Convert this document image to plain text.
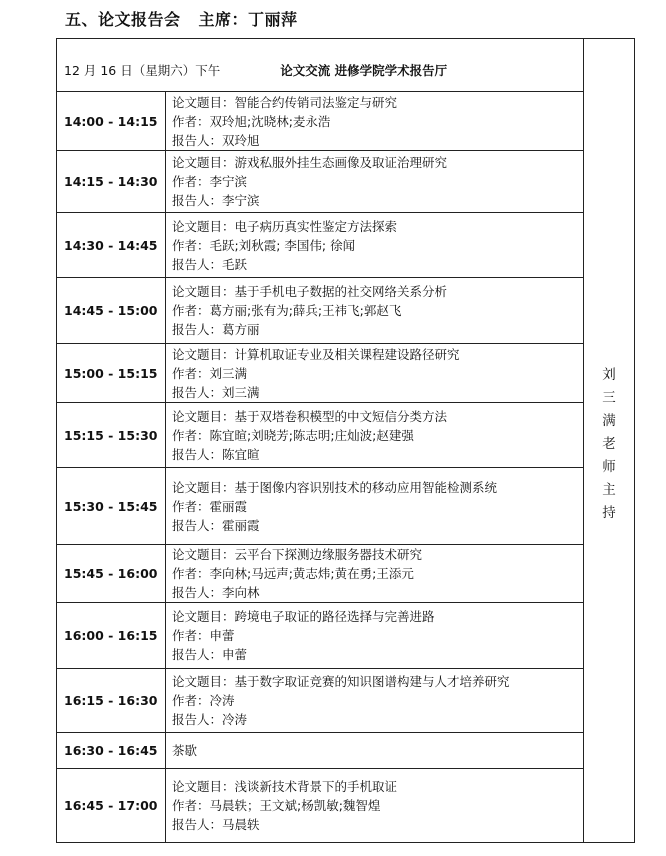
五、论文报告会 主席：丁丽萍
12 月 16 日（星期六）下午 论文交流 进修学院学术报告厅		刘三满老师主持

14:00 - 14:15	论文题目：智能合约传销司法鉴定与研究
作者：双玲旭;沈晓林;麦永浩
报告人：双玲旭	

14:15 - 14:30	论文题目：游戏私服外挂生态画像及取证治理研究
作者：李宁滨
报告人：李宁滨	

14:30 - 14:45	论文题目：电子病历真实性鉴定方法探索
作者：毛跃;刘秋霞; 李国伟; 徐闻
报告人：毛跃	

14:45 - 15:00	论文题目：基于手机电子数据的社交网络关系分析
作者：葛方丽;张有为;薛兵;王祎飞;郭赵飞
报告人：葛方丽	

15:00 - 15:15	论文题目：计算机取证专业及相关课程建设路径研究
作者：刘三满
报告人：刘三满	

15:15 - 15:30	论文题目：基于双塔卷积模型的中文短信分类方法
作者：陈宜暄;刘晓芳;陈志明;庄灿波;赵建强
报告人：陈宜暄	

15:30 - 15:45	论文题目：基于图像内容识别技术的移动应用智能检测系统
作者：霍丽霞
报告人：霍丽霞	

15:45 - 16:00	论文题目：云平台下探测边缘服务器技术研究
作者：李向林;马远声;黄志炜;黄在勇;王添元
报告人：李向林	

16:00 - 16:15	论文题目：跨境电子取证的路径选择与完善进路
作者：申蕾
报告人：申蕾	

16:15 - 16:30	论文题目：基于数字取证竞赛的知识图谱构建与人才培养研究
作者：冷涛
报告人：冷涛	

16:30 - 16:45	茶歇	
16:45 - 17:00	论文题目：浅谈新技术背景下的手机取证
作者：马晨轶；王文斌;杨凯敏;魏智煌
报告人：马晨轶	
